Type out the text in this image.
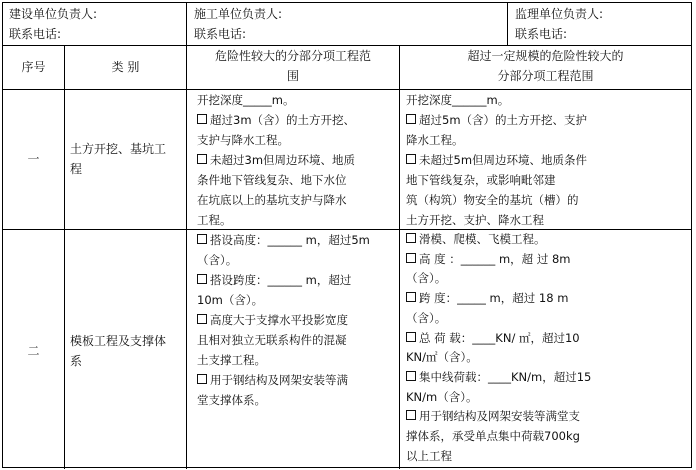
建设单位负责人:
联系电话:
施工单位负责人:
联系电话:
监理单位负责人:
联系电话:
序号	类 别
危险性较大的分部分项工程范
围
超过一定规模的危险性较大的
分部分项工程范围
一
土方开挖、基坑工
程
开挖深度_____m。
超过3m（含）的土方开挖、
支护与降水工程。
未超过3m但周边环境、地质
条件地下管线复杂、地下水位
在坑底以上的基坑支护与降水
工程。
开挖深度______m。
超过5m（含）的土方开挖、支护
降水工程。
未超过5m但周边环境、地质条件
地下管线复杂，或影响毗邻建
筑（构筑）物安全的基坑（槽）的
土方开挖、支护、降水工程
二
模板工程及支撑体
系
搭设高度：______ m，超过5m
（含）。
搭设跨度：______ m，超过
10m（含）。
高度大于支撑水平投影宽度
且相对独立无联系构件的混凝
土支撑工程。
用于钢结构及网架安装等满
堂支撑体系。
滑模、爬模、飞模工程。
高 度 ：______ m，超 过 8m
（含）。
跨 度：_____ m，超过 18 m
（含）。
总 荷 载：____KN/ ㎡，超过10
KN/㎡（含）。
集中线荷载：____KN/m，超过15
KN/m（含）。
用于钢结构及网架安装等满堂支
撑体系，承受单点集中荷载700kg
以上工程
